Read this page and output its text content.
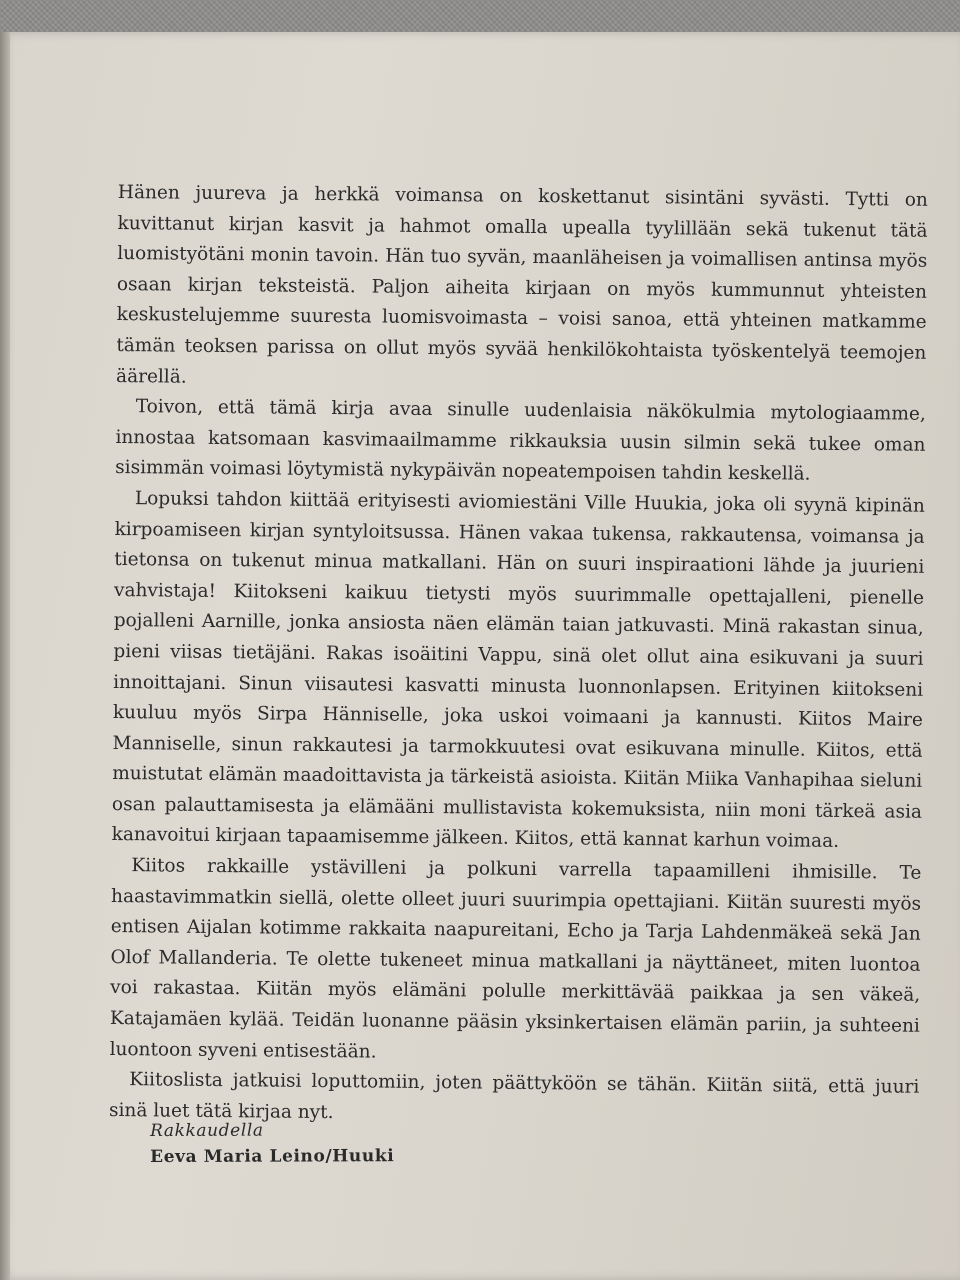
Hänen juureva ja herkkä voimansa on koskettanut sisintäni syvästi. Tytti on kuvittanut kirjan kasvit ja hahmot omalla upealla tyylillään sekä tukenut tätä luomistyötäni monin tavoin. Hän tuo syvän, maanläheisen ja voimallisen antinsa myös osaan kirjan teksteistä. Paljon aiheita kirjaan on myös kummunnut yhteisten keskustelujemme suuresta luomisvoimasta – voisi sanoa, että yhteinen matkamme tämän teoksen parissa on ollut myös syvää henkilökohtaista työskentelyä teemojen äärellä.

Toivon, että tämä kirja avaa sinulle uudenlaisia näkökulmia mytologiaamme, innostaa katsomaan kasvimaailmamme rikkauksia uusin silmin sekä tukee oman sisimmän voimasi löytymistä nykypäivän nopeatempoisen tahdin keskellä.

Lopuksi tahdon kiittää erityisesti aviomiestäni Ville Huukia, joka oli syynä kipinän kirpoamiseen kirjan syntyloitsussa. Hänen vakaa tukensa, rakkautensa, voimansa ja tietonsa on tukenut minua matkallani. Hän on suuri inspiraationi lähde ja juurieni vahvistaja! Kiitokseni kaikuu tietysti myös suurimmalle opettajalleni, pienelle pojalleni Aarnille, jonka ansiosta näen elämän taian jatkuvasti. Minä rakastan sinua, pieni viisas tietäjäni. Rakas isoäitini Vappu, sinä olet ollut aina esikuvani ja suuri innoittajani. Sinun viisautesi kasvatti minusta luonnonlapsen. Erityinen kiitokseni kuuluu myös Sirpa Hänniselle, joka uskoi voimaani ja kannusti. Kiitos Maire Manniselle, sinun rakkautesi ja tarmokkuutesi ovat esikuvana minulle. Kiitos, että muistutat elämän maadoittavista ja tärkeistä asioista. Kiitän Miika Vanhapihaa sieluni osan palauttamisesta ja elämääni mullistavista kokemuksista, niin moni tärkeä asia kanavoitui kirjaan tapaamisemme jälkeen. Kiitos, että kannat karhun voimaa.

Kiitos rakkaille ystävilleni ja polkuni varrella tapaamilleni ihmisille. Te haastavimmatkin siellä, olette olleet juuri suurimpia opettajiani. Kiitän suuresti myös entisen Aijalan kotimme rakkaita naapureitani, Echo ja Tarja Lahdenmäkeä sekä Jan Olof Mallanderia. Te olette tukeneet minua matkallani ja näyttäneet, miten luontoa voi rakastaa. Kiitän myös elämäni polulle merkittävää paikkaa ja sen väkeä, Katajamäen kylää. Teidän luonanne pääsin yksinkertaisen elämän pariin, ja suhteeni luontoon syveni entisestään.

Kiitoslista jatkuisi loputtomiin, joten päättyköön se tähän. Kiitän siitä, että juuri sinä luet tätä kirjaa nyt.

Rakkaudella
Eeva Maria Leino/Huuki
